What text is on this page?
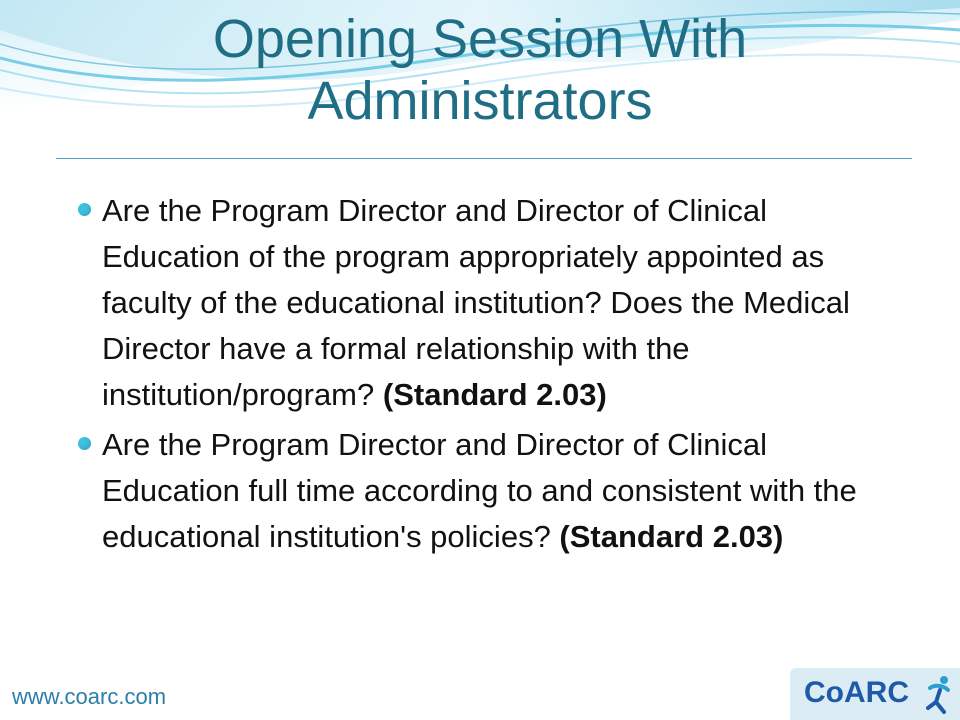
Opening Session With Administrators
Are the Program Director and Director of Clinical Education of the program appropriately appointed as faculty of the educational institution? Does the Medical Director have a formal relationship with the institution/program? (Standard 2.03)
Are the Program Director and Director of Clinical Education full time according to and consistent with the educational institution's policies? (Standard 2.03)
www.coarc.com	CoARC
